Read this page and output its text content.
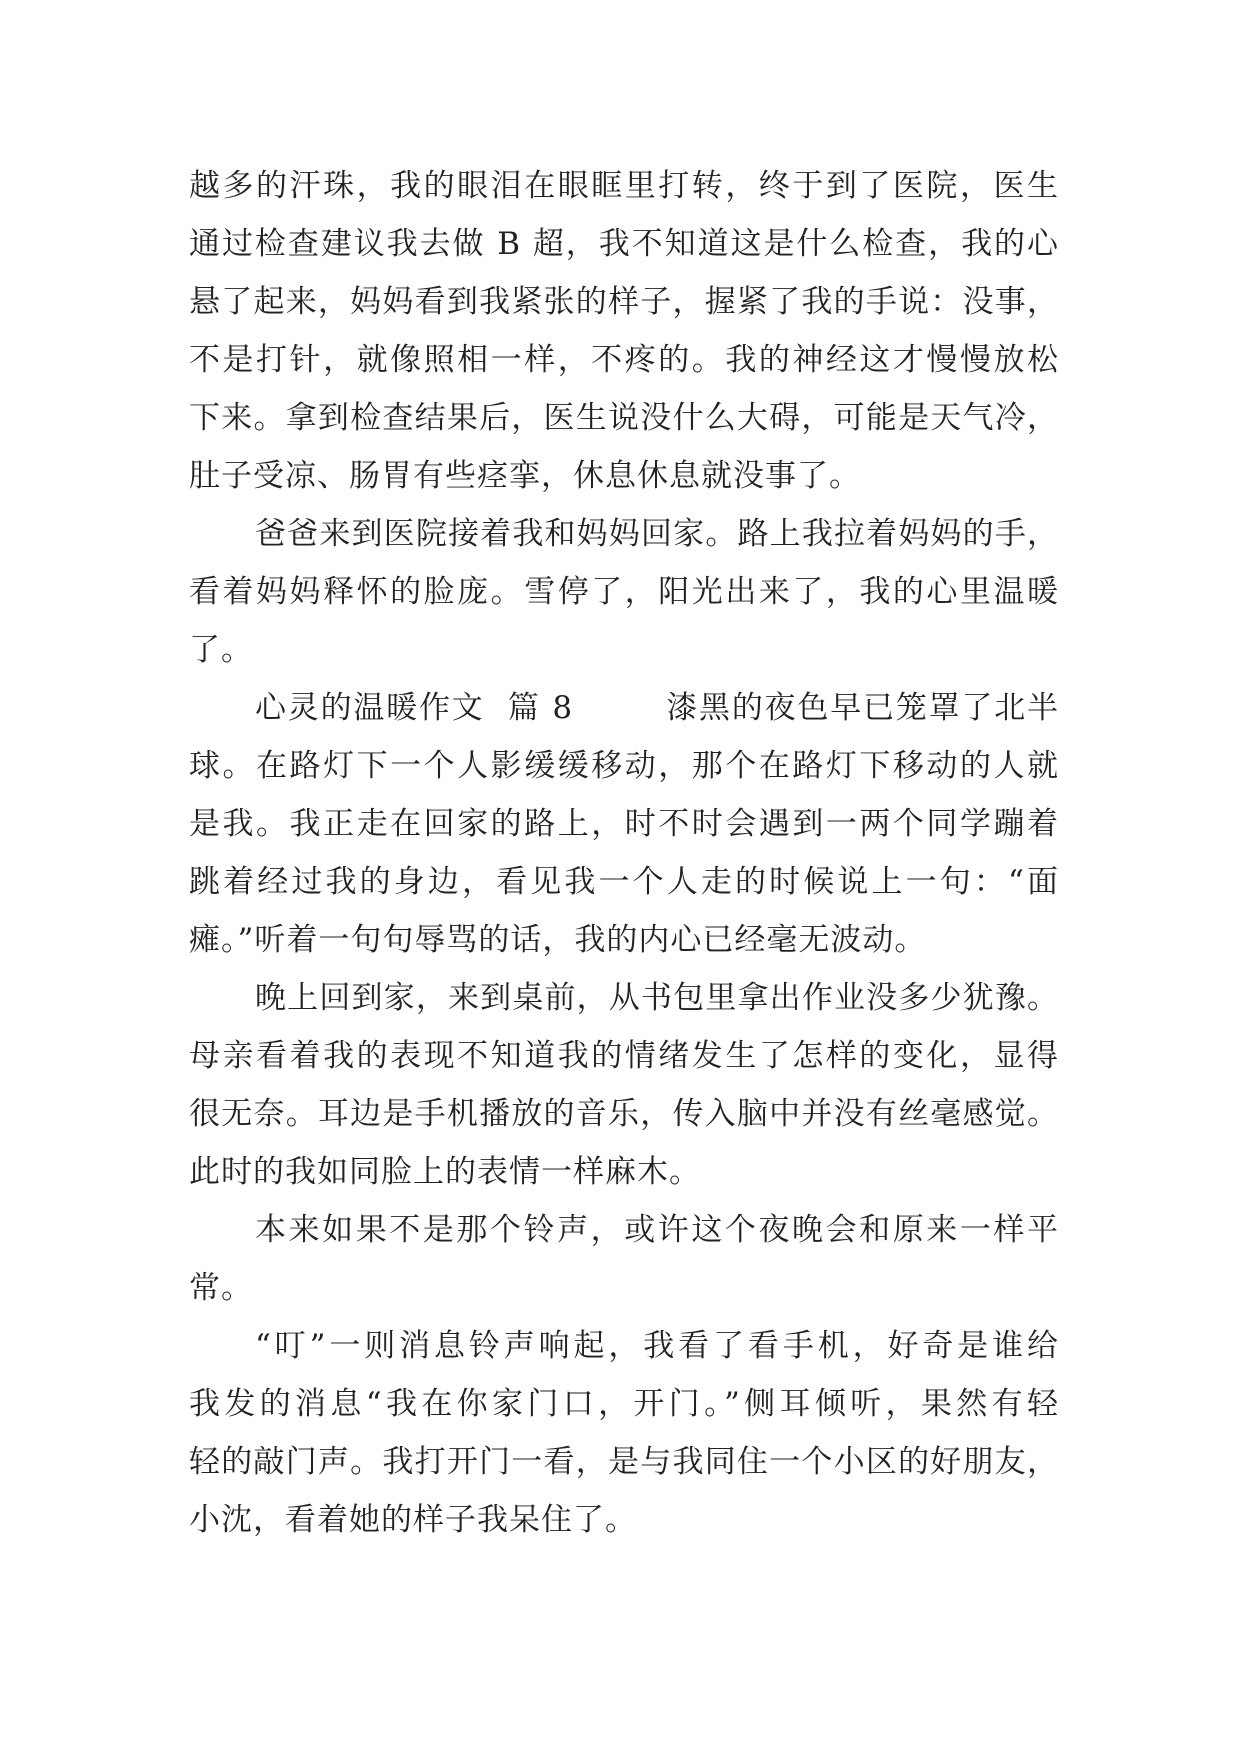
越多的汗珠，我的眼泪在眼眶里打转，终于到了医院，医生
通过检查建议我去做 B 超，我不知道这是什么检查，我的心
悬了起来，妈妈看到我紧张的样子，握紧了我的手说：没事，
不是打针，就像照相一样，不疼的。我的神经这才慢慢放松
下来。拿到检查结果后，医生说没什么大碍，可能是天气冷，
肚子受凉、肠胃有些痉挛，休息休息就没事了。
爸爸来到医院接着我和妈妈回家。路上我拉着妈妈的手，
看着妈妈释怀的脸庞。雪停了，阳光出来了，我的心里温暖
了。
心灵的温暖作文  篇 8        漆黑的夜色早已笼罩了北半
球。在路灯下一个人影缓缓移动，那个在路灯下移动的人就
是我。我正走在回家的路上，时不时会遇到一两个同学蹦着
跳着经过我的身边，看见我一个人走的时候说上一句：“面
瘫。”听着一句句辱骂的话，我的内心已经毫无波动。
晚上回到家，来到桌前，从书包里拿出作业没多少犹豫。
母亲看着我的表现不知道我的情绪发生了怎样的变化，显得
很无奈。耳边是手机播放的音乐，传入脑中并没有丝毫感觉。
此时的我如同脸上的表情一样麻木。
本来如果不是那个铃声，或许这个夜晚会和原来一样平
常。
“叮”一则消息铃声响起，我看了看手机，好奇是谁给
我发的消息“我在你家门口，开门。”侧耳倾听，果然有轻
轻的敲门声。我打开门一看，是与我同住一个小区的好朋友，
小沈，看着她的样子我呆住了。
